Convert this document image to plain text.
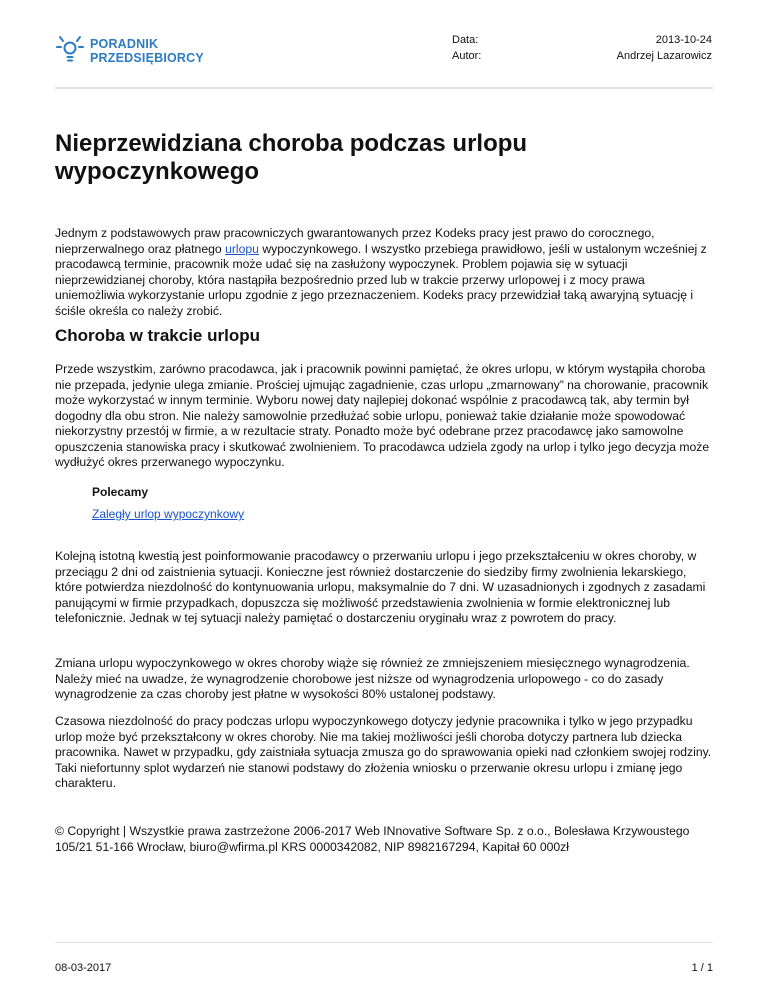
PORADNIK
PRZEDSIĘBIORCY
Data:
Autor:
2013-10-24
Andrzej Lazarowicz
Nieprzewidziana choroba podczas urlopu wypoczynkowego

Jednym z podstawowych praw pracowniczych gwarantowanych przez Kodeks pracy jest prawo do corocznego, nieprzerwalnego oraz płatnego urlopu wypoczynkowego. I wszystko przebiega prawidłowo, jeśli w ustalonym wcześniej z pracodawcą terminie, pracownik może udać się na zasłużony wypoczynek. Problem pojawia się w sytuacji nieprzewidzianej choroby, która nastąpiła bezpośrednio przed lub w trakcie przerwy urlopowej i z mocy prawa uniemożliwia wykorzystanie urlopu zgodnie z jego przeznaczeniem. Kodeks pracy przewidział taką awaryjną sytuację i ściśle określa co należy zrobić.

Choroba w trakcie urlopu

Przede wszystkim, zarówno pracodawca, jak i pracownik powinni pamiętać, że okres urlopu, w którym wystąpiła choroba nie przepada, jedynie ulega zmianie. Prościej ujmując zagadnienie, czas urlopu „zmarnowany” na chorowanie, pracownik może wykorzystać w innym terminie. Wyboru nowej daty najlepiej dokonać wspólnie z pracodawcą tak, aby termin był dogodny dla obu stron. Nie należy samowolnie przedłużać sobie urlopu, ponieważ takie działanie może spowodować niekorzystny przestój w firmie, a w rezultacie straty. Ponadto może być odebrane przez pracodawcę jako samowolne opuszczenia stanowiska pracy i skutkować zwolnieniem. To pracodawca udziela zgody na urlop i tylko jego decyzja może wydłużyć okres przerwanego wypoczynku.

Polecamy

Zaległy urlop wypoczynkowy

Kolejną istotną kwestią jest poinformowanie pracodawcy o przerwaniu urlopu i jego przekształceniu w okres choroby, w przeciągu 2 dni od zaistnienia sytuacji. Konieczne jest również dostarczenie do siedziby firmy zwolnienia lekarskiego, które potwierdza niezdolność do kontynuowania urlopu, maksymalnie do 7 dni. W uzasadnionych i zgodnych z zasadami panującymi w firmie przypadkach, dopuszcza się możliwość przedstawienia zwolnienia w formie elektronicznej lub telefonicznie. Jednak w tej sytuacji należy pamiętać o dostarczeniu oryginału wraz z powrotem do pracy.

Zmiana urlopu wypoczynkowego w okres choroby wiąże się również ze zmniejszeniem miesięcznego wynagrodzenia. Należy mieć na uwadze, że wynagrodzenie chorobowe jest niższe od wynagrodzenia urlopowego - co do zasady wynagrodzenie za czas choroby jest płatne w wysokości 80% ustalonej podstawy.

Czasowa niezdolność do pracy podczas urlopu wypoczynkowego dotyczy jedynie pracownika i tylko w jego przypadku urlop może być przekształcony w okres choroby. Nie ma takiej możliwości jeśli choroba dotyczy partnera lub dziecka pracownika. Nawet w przypadku, gdy zaistniała sytuacja zmusza go do sprawowania opieki nad członkiem swojej rodziny. Taki niefortunny splot wydarzeń nie stanowi podstawy do złożenia wniosku o przerwanie okresu urlopu i zmianę jego charakteru.

© Copyright | Wszystkie prawa zastrzeżone 2006-2017 Web INnovative Software Sp. z o.o., Bolesława Krzywoustego 105/21 51-166 Wrocław, biuro@wfirma.pl KRS 0000342082, NIP 8982167294, Kapitał 60 000zł

08-03-2017	1 / 1
